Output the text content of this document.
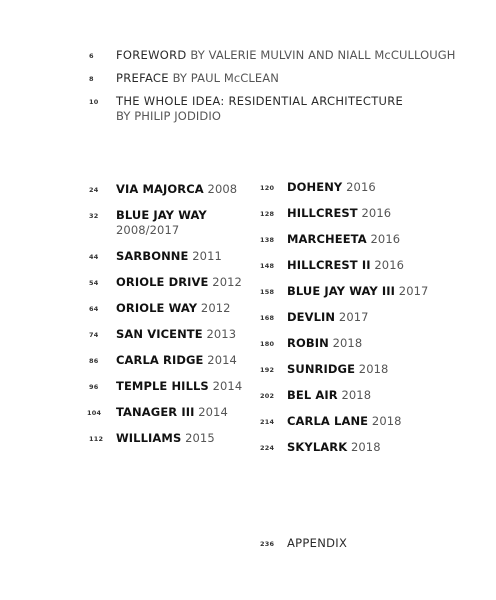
6 FOREWORD BY VALERIE MULVIN AND NIALL McCULLOUGH
8 PREFACE BY PAUL McCLEAN
10 THE WHOLE IDEA: RESIDENTIAL ARCHITECTURE
BY PHILIP JODIDIO
24 VIA MAJORCA 2008
32 BLUE JAY WAY
2008/2017
44 SARBONNE 2011
54 ORIOLE DRIVE 2012
64 ORIOLE WAY 2012
74 SAN VICENTE 2013
86 CARLA RIDGE 2014
96 TEMPLE HILLS 2014
104 TANAGER III 2014
112 WILLIAMS 2015
120 DOHENY 2016
128 HILLCREST 2016
138 MARCHEETA 2016
148 HILLCREST II 2016
158 BLUE JAY WAY III 2017
168 DEVLIN 2017
180 ROBIN 2018
192 SUNRIDGE 2018
202 BEL AIR 2018
214 CARLA LANE 2018
224 SKYLARK 2018
236 APPENDIX
